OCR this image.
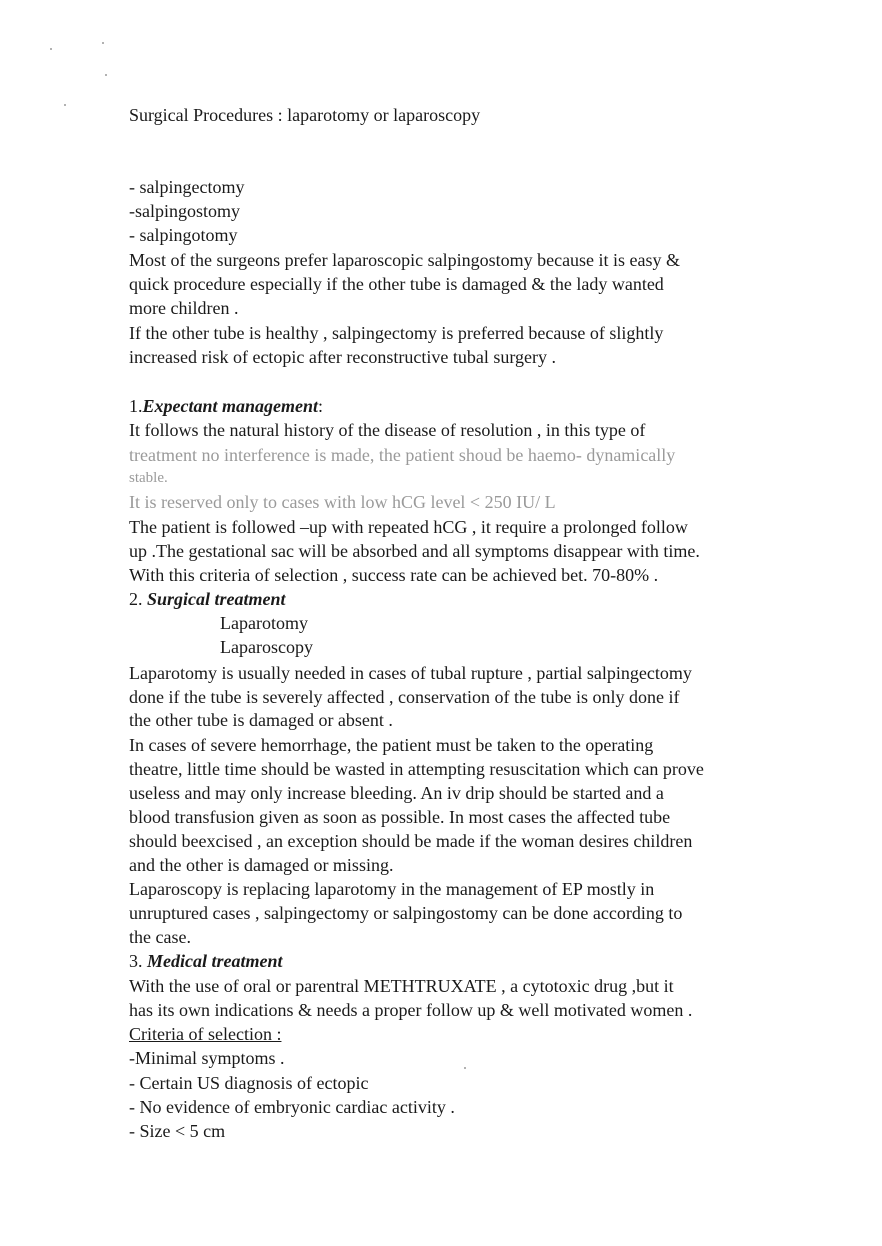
Surgical Procedures : laparotomy or laparoscopy
- salpingectomy
-salpingostomy
- salpingotomy
Most of the surgeons prefer laparoscopic salpingostomy because it is easy &
quick procedure especially if the other tube is damaged & the lady wanted
more children .
If the other tube is healthy , salpingectomy is preferred because of slightly
increased risk of ectopic after reconstructive tubal surgery .
1.Expectant management:
It follows the natural history of the disease of resolution , in this type of
treatment no interference is made, the patient shoud be haemo- dynamically
stable.
It is reserved only to cases with low hCG level < 250 IU/ L
The patient is followed –up with repeated hCG , it require a prolonged follow
up .The gestational sac will be absorbed and all symptoms disappear with time.
With this criteria of selection , success rate can be achieved bet. 70-80% .
2. Surgical treatment
Laparotomy
Laparoscopy
Laparotomy is usually needed in cases of tubal rupture , partial salpingectomy
done if the tube is severely affected , conservation of the tube is only done if
the other tube is damaged or absent .
In cases of severe hemorrhage, the patient must be taken to the operating
theatre, little time should be wasted in attempting resuscitation which can prove
useless and may only increase bleeding. An iv drip should be started and a
blood transfusion given as soon as possible. In most cases the affected tube
should beexcised , an exception should be made if the woman desires children
and the other is damaged or missing.
Laparoscopy is replacing laparotomy in the management of EP mostly in
unruptured cases , salpingectomy or salpingostomy can be done according to
the case.
3. Medical treatment
With the use of oral or parentral METHTRUXATE , a cytotoxic drug ,but it
has its own indications & needs a proper follow up & well motivated women .
Criteria of selection :
-Minimal symptoms .
- Certain US diagnosis of ectopic
- No evidence of embryonic cardiac activity .
- Size < 5 cm
